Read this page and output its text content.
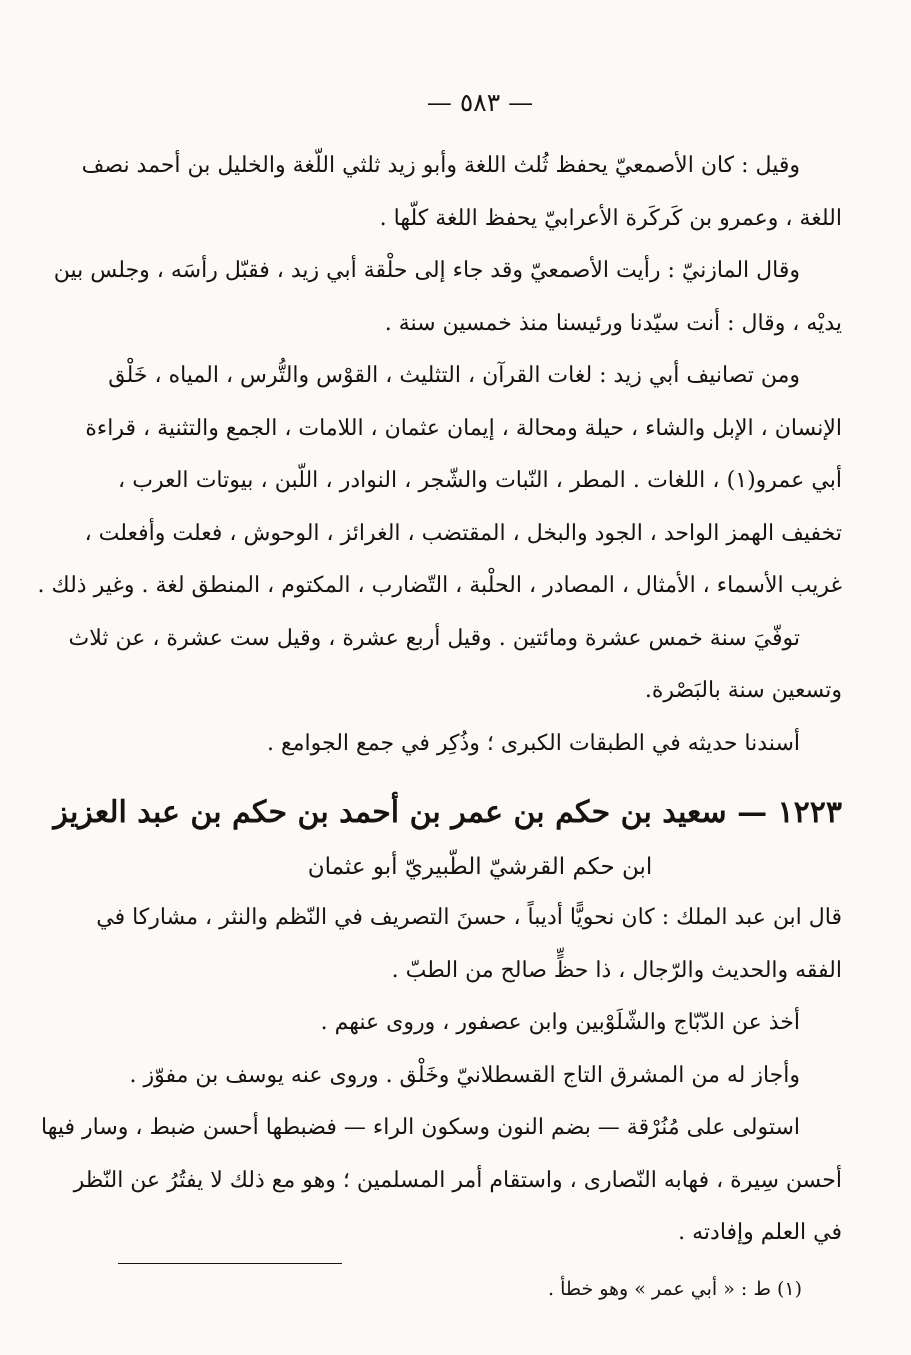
— ٥٨٣ —
وقيل : كان الأصمعيّ يحفظ ثُلث اللغة وأبو زيد ثلثي اللّغة والخليل بن أحمد نصف
اللغة ، وعمرو بن كَركَرة الأعرابيّ يحفظ اللغة كلّها .
وقال المازنيّ : رأيت الأصمعيّ وقد جاء إلى حلْقة أبي زيد ، فقبّل رأسَه ، وجلس بين
يديْه ، وقال : أنت سيّدنا ورئيسنا منذ خمسين سنة .
ومن تصانيف أبي زيد : لغات القرآن ، التثليث ، القوْس والتُّرس ، المياه ، خَلْق
الإنسان ، الإبل والشاء ، حيلة ومحالة ، إيمان عثمان ، اللامات ، الجمع والتثنية ، قراءة
أبي عمرو(١) ، اللغات . المطر ، النّبات والشّجر ، النوادر ، اللّبن ، بيوتات العرب ،
تخفيف الهمز الواحد ، الجود والبخل ، المقتضب ، الغرائز ، الوحوش ، فعلت وأفعلت ،
غريب الأسماء ، الأمثال ، المصادر ، الحلْبة ، التّضارب ، المكتوم ، المنطق لغة . وغير ذلك .
توفّيَ سنة خمس عشرة ومائتين . وقيل أربع عشرة ، وقيل ست عشرة ، عن ثلاث
وتسعين سنة بالبَصْرة.
أسندنا حديثه في الطبقات الكبرى ؛ وذُكِر في جمع الجوامع .
١٢٢٣ — سعيد بن حكم بن عمر بن أحمد بن حكم بن عبد العزيز
ابن حكم القرشيّ الطّبيريّ أبو عثمان
قال ابن عبد الملك : كان نحويًّا أديباً ، حسنَ التصريف في النّظم والنثر ، مشاركا في
الفقه والحديث والرّجال ، ذا حظٍّ صالح من الطبّ .
أخذ عن الدّبّاج والشّلَوْبين وابن عصفور ، وروى عنهم .
وأجاز له من المشرق التاج القسطلانيّ وخَلْق . وروى عنه يوسف بن مفوّز .
استولى على مُنُرْقة — بضم النون وسكون الراء — فضبطها أحسن ضبط ، وسار فيها
أحسن سِيرة ، فهابه النّصارى ، واستقام أمر المسلمين ؛ وهو مع ذلك لا يفتُرُ عن النّظر
في العلم وإفادته .
(١) ط : « أبي عمر » وهو خطأ .
